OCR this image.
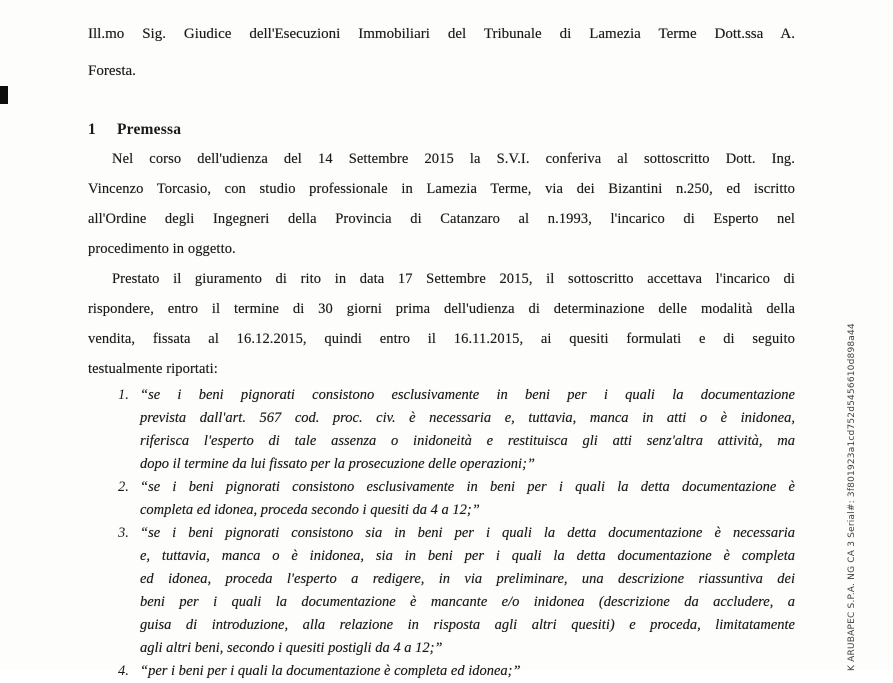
Ill.mo Sig. Giudice dell'Esecuzioni Immobiliari del Tribunale di Lamezia Terme Dott.ssa A.
Foresta.
1 Premessa
Nel corso dell'udienza del 14 Settembre 2015 la S.V.I. conferiva al sottoscritto Dott. Ing.
Vincenzo Torcasio, con studio professionale in Lamezia Terme, via dei Bizantini n.250, ed iscritto
all'Ordine degli Ingegneri della Provincia di Catanzaro al n.1993, l'incarico di Esperto nel
procedimento in oggetto.
Prestato il giuramento di rito in data 17 Settembre 2015, il sottoscritto accettava l'incarico di
rispondere, entro il termine di 30 giorni prima dell'udienza di determinazione delle modalità della
vendita, fissata al 16.12.2015, quindi entro il 16.11.2015, ai quesiti formulati e di seguito
testualmente riportati:
1. “se i beni pignorati consistono esclusivamente in beni per i quali la documentazione
prevista dall'art. 567 cod. proc. civ. è necessaria e, tuttavia, manca in atti o è inidonea,
riferisca l'esperto di tale assenza o inidoneità e restituisca gli atti senz'altra attività, ma
dopo il termine da lui fissato per la prosecuzione delle operazioni;”
2. “se i beni pignorati consistono esclusivamente in beni per i quali la detta documentazione è
completa ed idonea, proceda secondo i quesiti da 4 a 12;”
3. “se i beni pignorati consistono sia in beni per i quali la detta documentazione è necessaria
e, tuttavia, manca o è inidonea, sia in beni per i quali la detta documentazione è completa
ed idonea, proceda l'esperto a redigere, in via preliminare, una descrizione riassuntiva dei
beni per i quali la documentazione è mancante e/o inidonea (descrizione da accludere, a
guisa di introduzione, alla relazione in risposta agli altri quesiti) e proceda, limitatamente
agli altri beni, secondo i quesiti postigli da 4 a 12;”
4. “per i beni per i quali la documentazione è completa ed idonea;”	K ARUBAPEC S.P.A. NG CA 3 Serial#: 3f801923a1cd752d5456610d898a44
